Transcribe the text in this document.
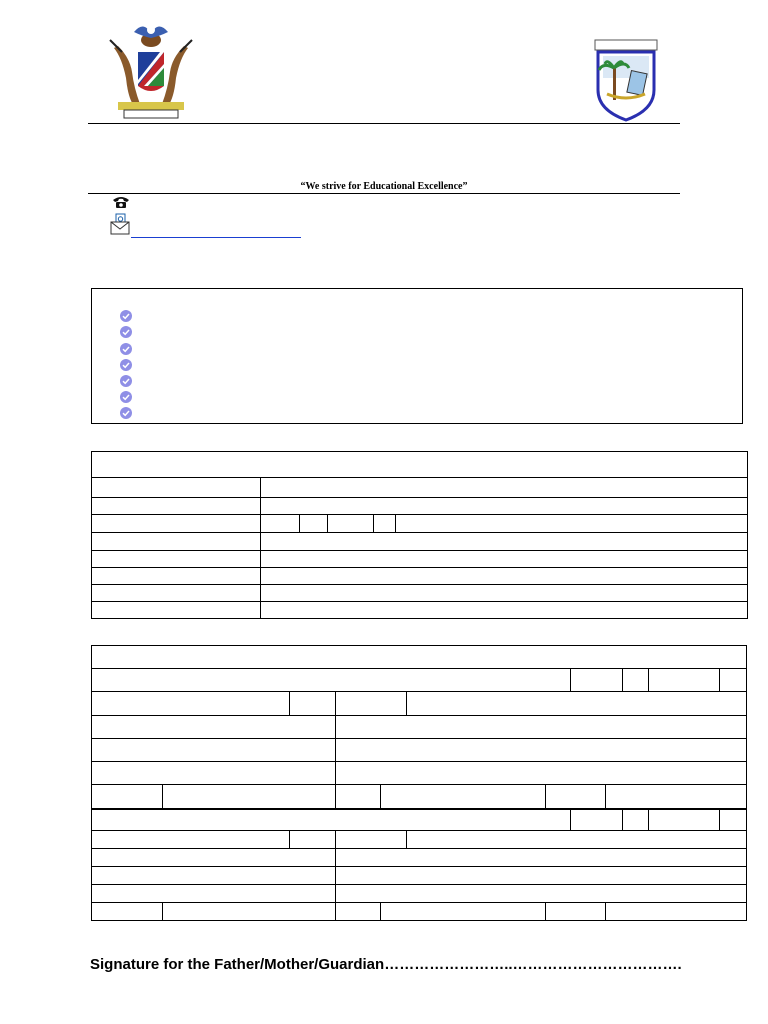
“We strive for Educational Excellence”

Signature for the Father/Mother/Guardian……………………..…………………………….
